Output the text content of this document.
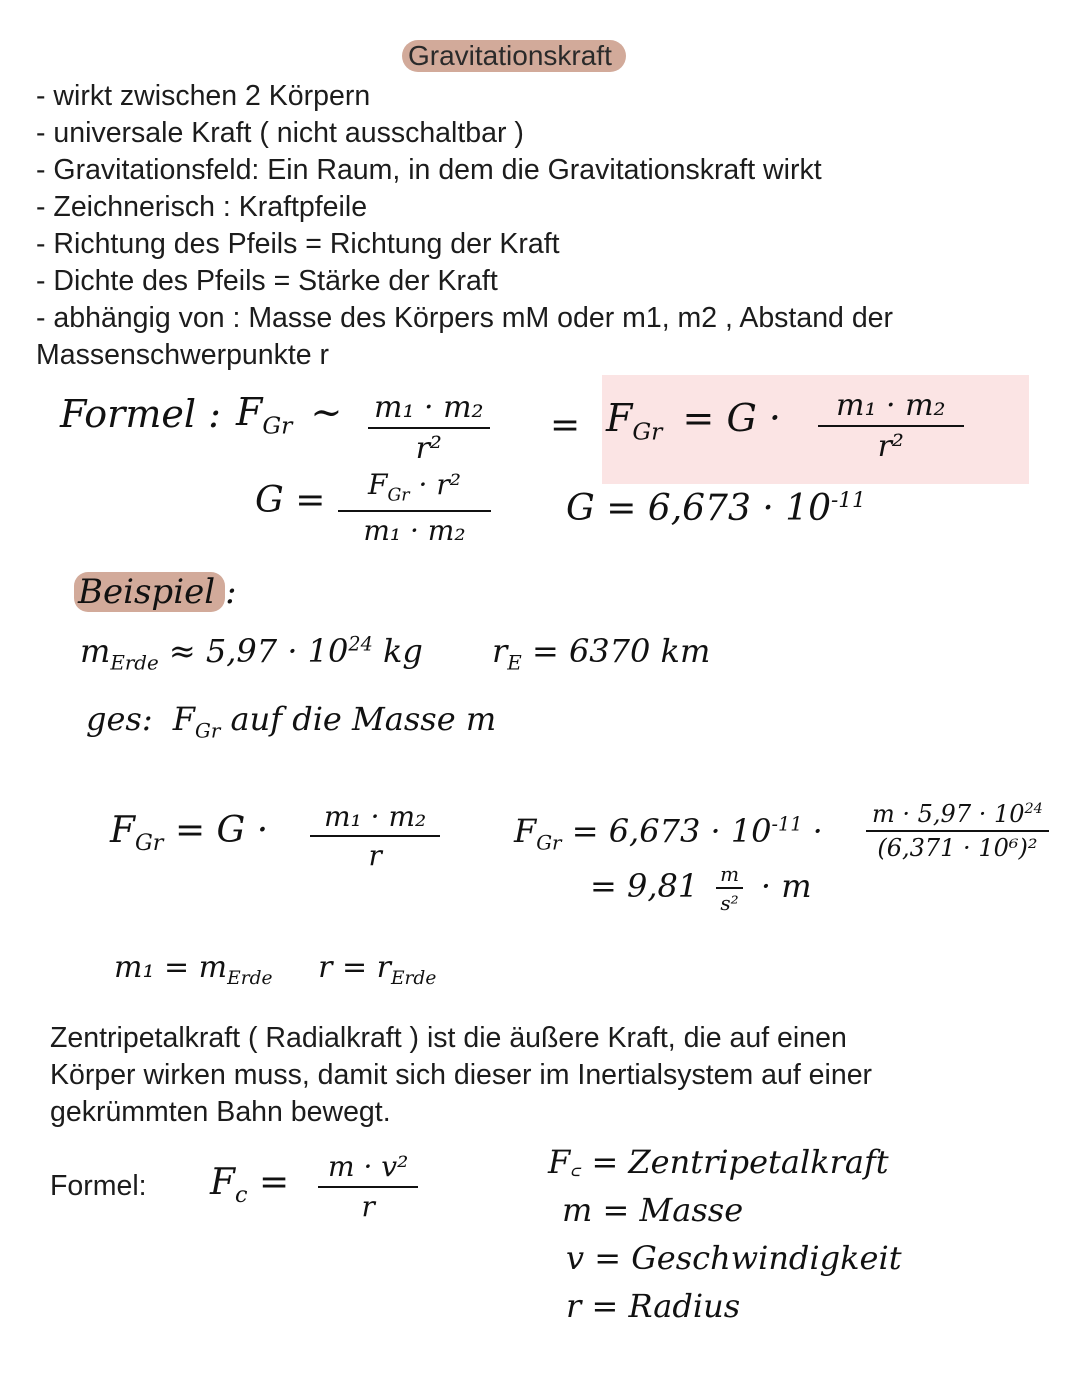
Gravitationskraft
- wirkt zwischen 2 Körpern
- universale Kraft ( nicht ausschaltbar )
- Gravitationsfeld: Ein Raum, in dem die Gravitationskraft wirkt
- Zeichnerisch : Kraftpfeile
- Richtung des Pfeils = Richtung der Kraft
- Dichte des Pfeils = Stärke der Kraft
- abhängig von : Masse des Körpers mM oder m1, m2 , Abstand der
Massenschwerpunkte r
Formel : $F_{Gr}$ ~ $\frac{\text{m₁ · m₂}}{\text{r²}} = F_{Gr} = G \cdot \frac{\text{m₁ · m₂}}{\text{r²}}$
$G = \frac{F_{Gr} \cdot r^2}{\text{m₁ · m₂}}$ $G = 6,673 \cdot 10^{-11}$
Beispiel :
$m_{Erde} \approx 5,97 \cdot 10^{24}$ kg $r_E = 6370$ km
ges: $F_{Gr}$ auf die Masse m
$F_{Gr} = G \cdot \frac{\text{m₁ · m₂}}{r} F_{Gr} = 6,673 \cdot 10^{-11} \cdot \frac{m \cdot 5,97 \cdot 10^{24}}{\text{(6,371 · 10⁶)²}}$
= $9,81 \frac{m}{\text{s²}} \cdot m$
$m_1 = m_{Erde}$ $r = r_{Erde}$
Zentripetalkraft ( Radialkraft ) ist die äußere Kraft, die auf einen
Körper wirken muss, damit sich dieser im Inertialsystem auf einer
gekrümmten Bahn bewegt.
Formel: $F_c = \frac{\text{m · v²}}{r}$	F꜀ = Zentripetalkraft
m = Masse
v = Geschwindigkeit
r = Radius
